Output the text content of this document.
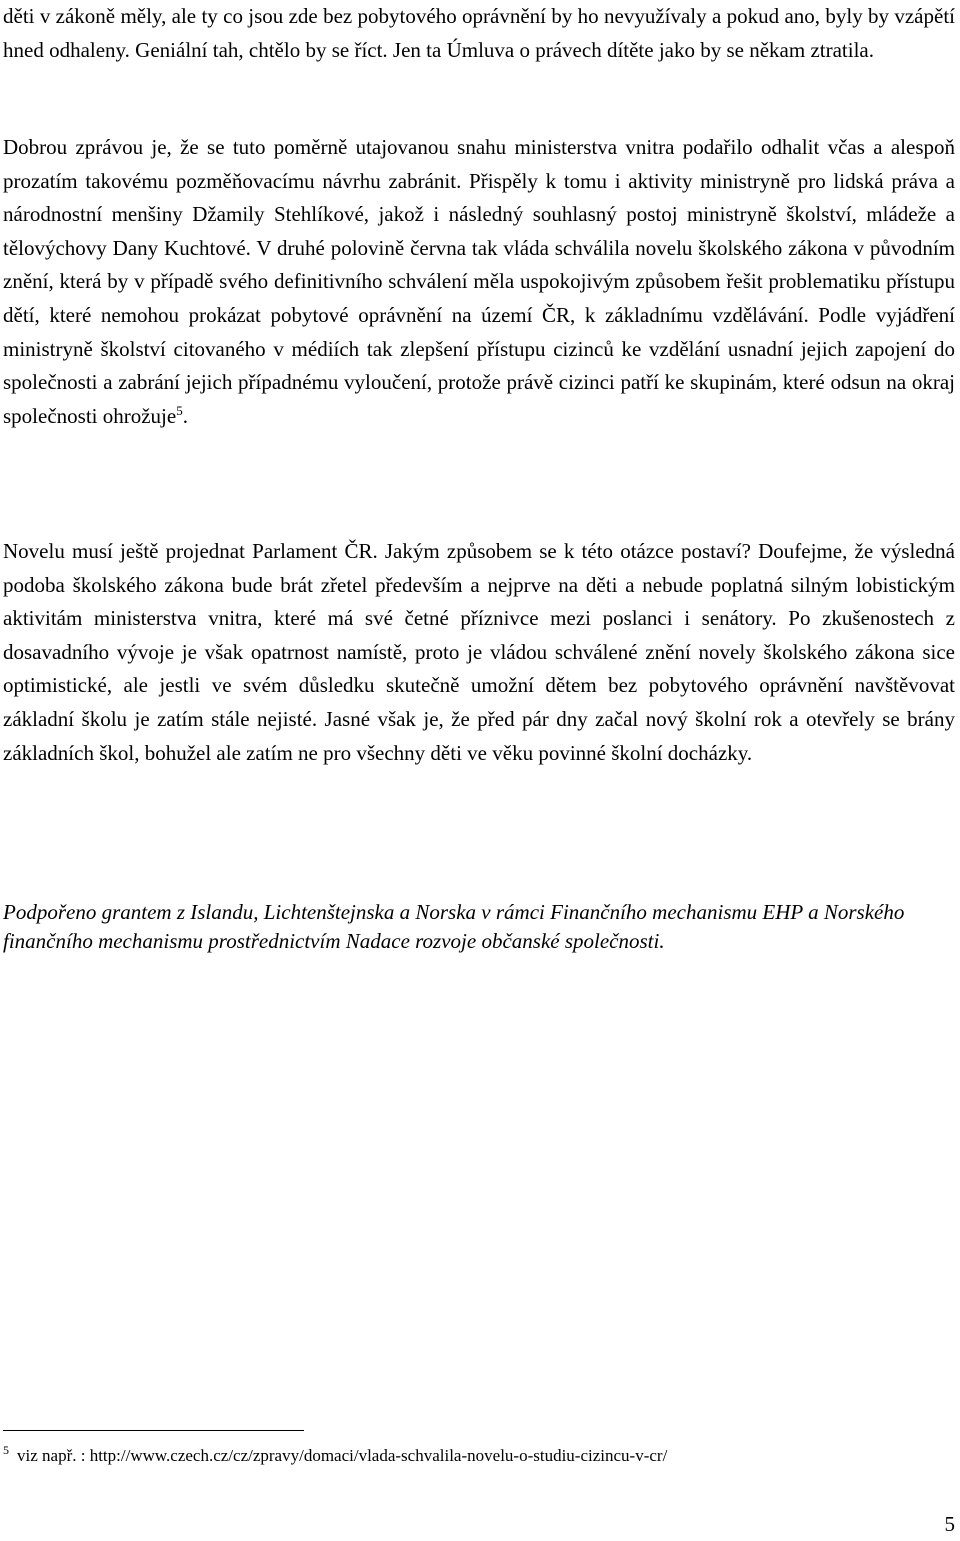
děti v zákoně měly, ale ty co jsou zde bez pobytového oprávnění by ho nevyužívaly a pokud ano, byly by vzápětí hned odhaleny. Geniální tah, chtělo by se říct. Jen ta Úmluva o právech dítěte jako by se někam ztratila.

Dobrou zprávou je, že se tuto poměrně utajovanou snahu ministerstva vnitra podařilo odhalit včas a alespoň prozatím takovému pozměňovacímu návrhu zabránit. Přispěly k tomu i aktivity ministryně pro lidská práva a národnostní menšiny Džamily Stehlíkové, jakož i následný souhlasný postoj ministryně školství, mládeže a tělovýchovy Dany Kuchtové. V druhé polovině června tak vláda schválila novelu školského zákona v původním znění, která by v případě svého definitivního schválení měla uspokojivým způsobem řešit problematiku přístupu dětí, které nemohou prokázat pobytové oprávnění na území ČR, k základnímu vzdělávání. Podle vyjádření ministryně školství citovaného v médiích tak zlepšení přístupu cizinců ke vzdělání usnadní jejich zapojení do společnosti a zabrání jejich případnému vyloučení, protože právě cizinci patří ke skupinám, které odsun na okraj společnosti ohrožuje$^5$.

Novelu musí ještě projednat Parlament ČR. Jakým způsobem se k této otázce postaví? Doufejme, že výsledná podoba školského zákona bude brát zřetel především a nejprve na děti a nebude poplatná silným lobistickým aktivitám ministerstva vnitra, které má své četné příznivce mezi poslanci i senátory. Po zkušenostech z dosavadního vývoje je však opatrnost namístě, proto je vládou schválené znění novely školského zákona sice optimistické, ale jestli ve svém důsledku skutečně umožní dětem bez pobytového oprávnění navštěvovat základní školu je zatím stále nejisté. Jasné však je, že před pár dny začal nový školní rok a otevřely se brány základních škol, bohužel ale zatím ne pro všechny děti ve věku povinné školní docházky.

Podpořeno grantem z Islandu, Lichtenštejnska a Norska v rámci Finančního mechanismu EHP a Norského finančního mechanismu prostřednictvím Nadace rozvoje občanské společnosti.

$^5$ viz např. : http://www.czech.cz/cz/zpravy/domaci/vlada-schvalila-novelu-o-studiu-cizincu-v-cr/

5
